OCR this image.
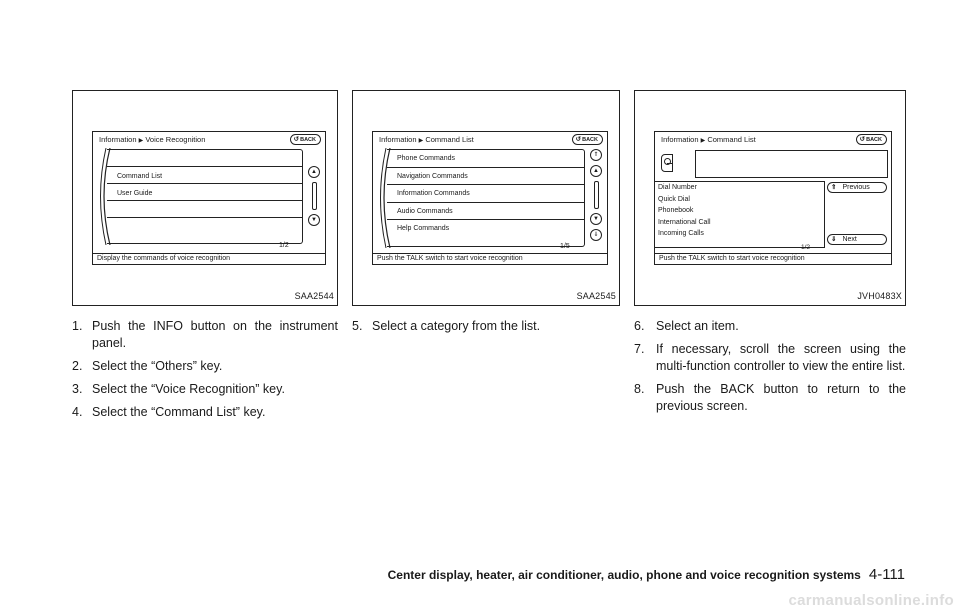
Information ▶ Voice Recognition	↺BACK
Command List
User Guide
▲
▼
1/2
Display the commands of voice recognition
SAA2544
1. Push the INFO button on the instrument panel.
2. Select the “Others” key.
3. Select the “Voice Recognition” key.
4. Select the “Command List” key.
Information ▶ Command List	↺BACK
Phone Commands
Navigation Commands
Information Commands
Audio Commands
Help Commands
⇑
▲
▼
⇓
1/5
Push the TALK switch to start voice recognition
SAA2545
5. Select a category from the list.
Information ▶ Command List	↺BACK
Dial Number
Quick Dial
Phonebook
International Call
Incoming Calls
⇑ Previous
⇓ Next
1/2
Push the TALK switch to start voice recognition
JVH0483X
6. Select an item.
7. If necessary, scroll the screen using the multi-function controller to view the entire list.
8. Push the BACK button to return to the previous screen.
Center display, heater, air conditioner, audio, phone and voice recognition systems 4-111
carmanualsonline.info
